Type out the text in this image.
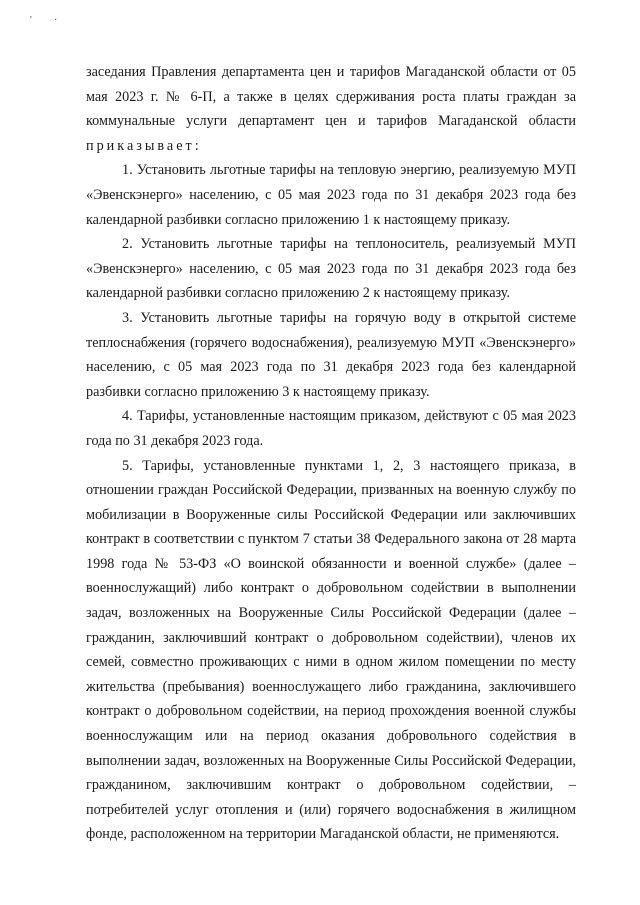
' ·

заседания Правления департамента цен и тарифов Магаданской области от 05 мая 2023 г. № 6-П, а также в целях сдерживания роста платы граждан за коммунальные услуги департамент цен и тарифов Магаданской области приказывает:

1. Установить льготные тарифы на тепловую энергию, реализуемую МУП «Эвенскэнерго» населению, с 05 мая 2023 года по 31 декабря 2023 года без календарной разбивки согласно приложению 1 к настоящему приказу.

2. Установить льготные тарифы на теплоноситель, реализуемый МУП «Эвенскэнерго» населению, с 05 мая 2023 года по 31 декабря 2023 года без календарной разбивки согласно приложению 2 к настоящему приказу.

3. Установить льготные тарифы на горячую воду в открытой системе теплоснабжения (горячего водоснабжения), реализуемую МУП «Эвенскэнерго» населению, с 05 мая 2023 года по 31 декабря 2023 года без календарной разбивки согласно приложению 3 к настоящему приказу.

4. Тарифы, установленные настоящим приказом, действуют с 05 мая 2023 года по 31 декабря 2023 года.

5. Тарифы, установленные пунктами 1, 2, 3 настоящего приказа, в отношении граждан Российской Федерации, призванных на военную службу по мобилизации в Вооруженные силы Российской Федерации или заключивших контракт в соответствии с пунктом 7 статьи 38 Федерального закона от 28 марта 1998 года № 53-ФЗ «О воинской обязанности и военной службе» (далее – военнослужащий) либо контракт о добровольном содействии в выполнении задач, возложенных на Вооруженные Силы Российской Федерации (далее – гражданин, заключивший контракт о добровольном содействии), членов их семей, совместно проживающих с ними в одном жилом помещении по месту жительства (пребывания) военнослужащего либо гражданина, заключившего контракт о добровольном содействии, на период прохождения военной службы военнослужащим или на период оказания добровольного содействия в выполнении задач, возложенных на Вооруженные Силы Российской Федерации, гражданином, заключившим контракт о добровольном содействии, – потребителей услуг отопления и (или) горячего водоснабжения в жилищном фонде, расположенном на территории Магаданской области, не применяются.
